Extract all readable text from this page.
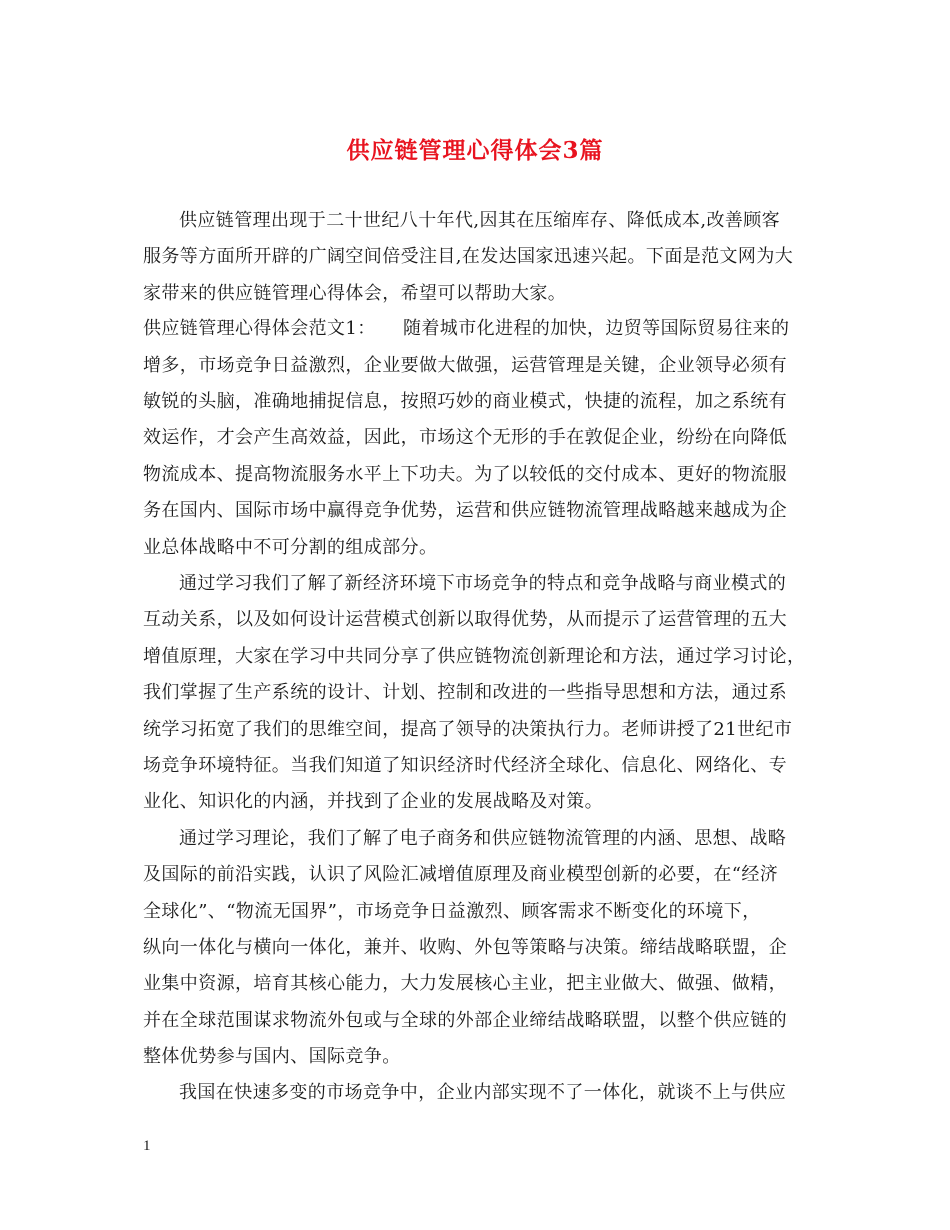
供应链管理心得体会3篇
供应链管理出现于二十世纪八十年代,因其在压缩库存、降低成本,改善顾客
服务等方面所开辟的广阔空间倍受注目,在发达国家迅速兴起。下面是范文网为大
家带来的供应链管理心得体会，希望可以帮助大家。
供应链管理心得体会范文1： 随着城市化进程的加快，边贸等国际贸易往来的
增多，市场竞争日益激烈，企业要做大做强，运营管理是关键，企业领导必须有
敏锐的头脑，准确地捕捉信息，按照巧妙的商业模式，快捷的流程，加之系统有
效运作，才会产生高效益，因此，市场这个无形的手在敦促企业，纷纷在向降低
物流成本、提高物流服务水平上下功夫。为了以较低的交付成本、更好的物流服
务在国内、国际市场中赢得竞争优势，运营和供应链物流管理战略越来越成为企
业总体战略中不可分割的组成部分。
通过学习我们了解了新经济环境下市场竞争的特点和竞争战略与商业模式的
互动关系，以及如何设计运营模式创新以取得优势，从而提示了运营管理的五大
增值原理，大家在学习中共同分享了供应链物流创新理论和方法，通过学习讨论，
我们掌握了生产系统的设计、计划、控制和改进的一些指导思想和方法，通过系
统学习拓宽了我们的思维空间，提高了领导的决策执行力。老师讲授了21世纪市
场竞争环境特征。当我们知道了知识经济时代经济全球化、信息化、网络化、专
业化、知识化的内涵，并找到了企业的发展战略及对策。
通过学习理论，我们了解了电子商务和供应链物流管理的内涵、思想、战略
及国际的前沿实践，认识了风险汇减增值原理及商业模型创新的必要，在“经济
全球化”、“物流无国界”，市场竞争日益激烈、顾客需求不断变化的环境下，
纵向一体化与横向一体化，兼并、收购、外包等策略与决策。缔结战略联盟，企
业集中资源，培育其核心能力，大力发展核心主业，把主业做大、做强、做精，
并在全球范围谋求物流外包或与全球的外部企业缔结战略联盟，以整个供应链的
整体优势参与国内、国际竞争。
我国在快速多变的市场竞争中，企业内部实现不了一体化，就谈不上与供应
1
